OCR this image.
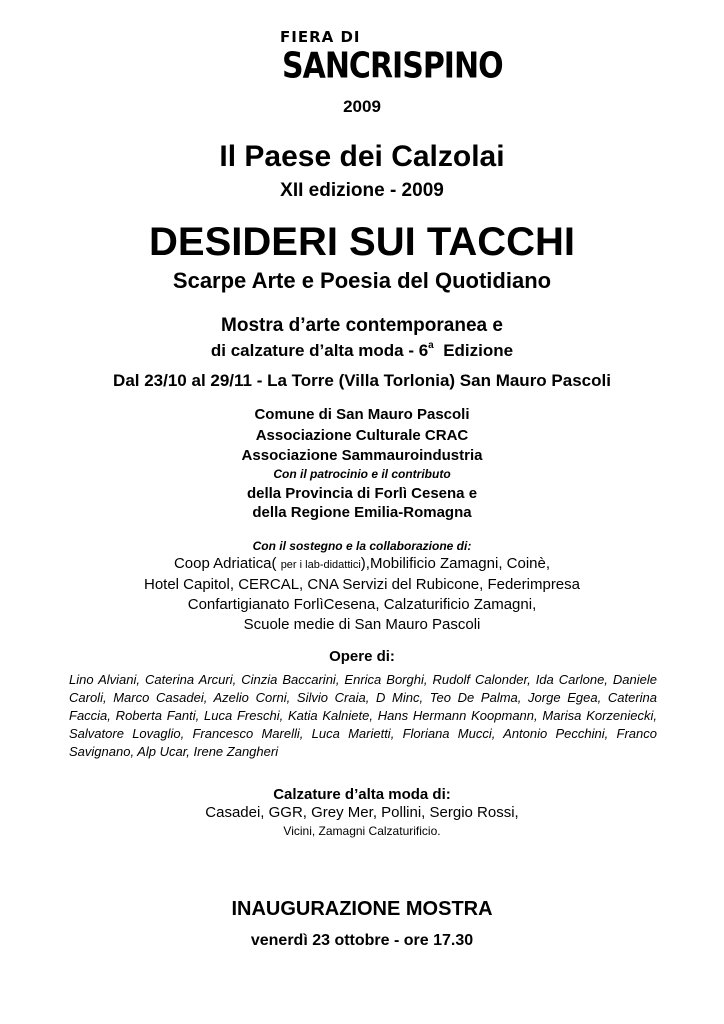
FIERA DI
SANCRISPINO
2009
Il Paese dei Calzolai
XII edizione - 2009
DESIDERI SUI TACCHI
Scarpe Arte e Poesia del Quotidiano
Mostra d’arte contemporanea e
di calzature d’alta moda - 6$^a$ Edizione
Dal 23/10 al 29/11 - La Torre (Villa Torlonia) San Mauro Pascoli
Comune di San Mauro Pascoli
Associazione Culturale CRAC
Associazione Sammauroindustria
Con il patrocinio e il contributo
della Provincia di Forlì Cesena e
della Regione Emilia-Romagna
Con il sostegno e la collaborazione di:
Coop Adriatica( per i lab-didattici),Mobilificio Zamagni, Coinè,
Hotel Capitol, CERCAL, CNA Servizi del Rubicone, Federimpresa
Confartigianato ForlìCesena, Calzaturificio Zamagni,
Scuole medie di San Mauro Pascoli
Opere di:
Lino Alviani, Caterina Arcuri, Cinzia Baccarini, Enrica Borghi, Rudolf Calonder, Ida Carlone, Daniele Caroli, Marco Casadei, Azelio Corni, Silvio Craia, D Minc, Teo De Palma, Jorge Egea, Caterina Faccia, Roberta Fanti, Luca Freschi, Katia Kalniete, Hans Hermann Koopmann, Marisa Korzeniecki, Salvatore Lovaglio, Francesco Marelli, Luca Marietti, Floriana Mucci, Antonio Pecchini, Franco Savignano, Alp Ucar, Irene Zangheri
Calzature d’alta moda di:
Casadei, GGR, Grey Mer, Pollini, Sergio Rossi,
Vicini, Zamagni Calzaturificio.
INAUGURAZIONE MOSTRA
venerdì 23 ottobre - ore 17.30
